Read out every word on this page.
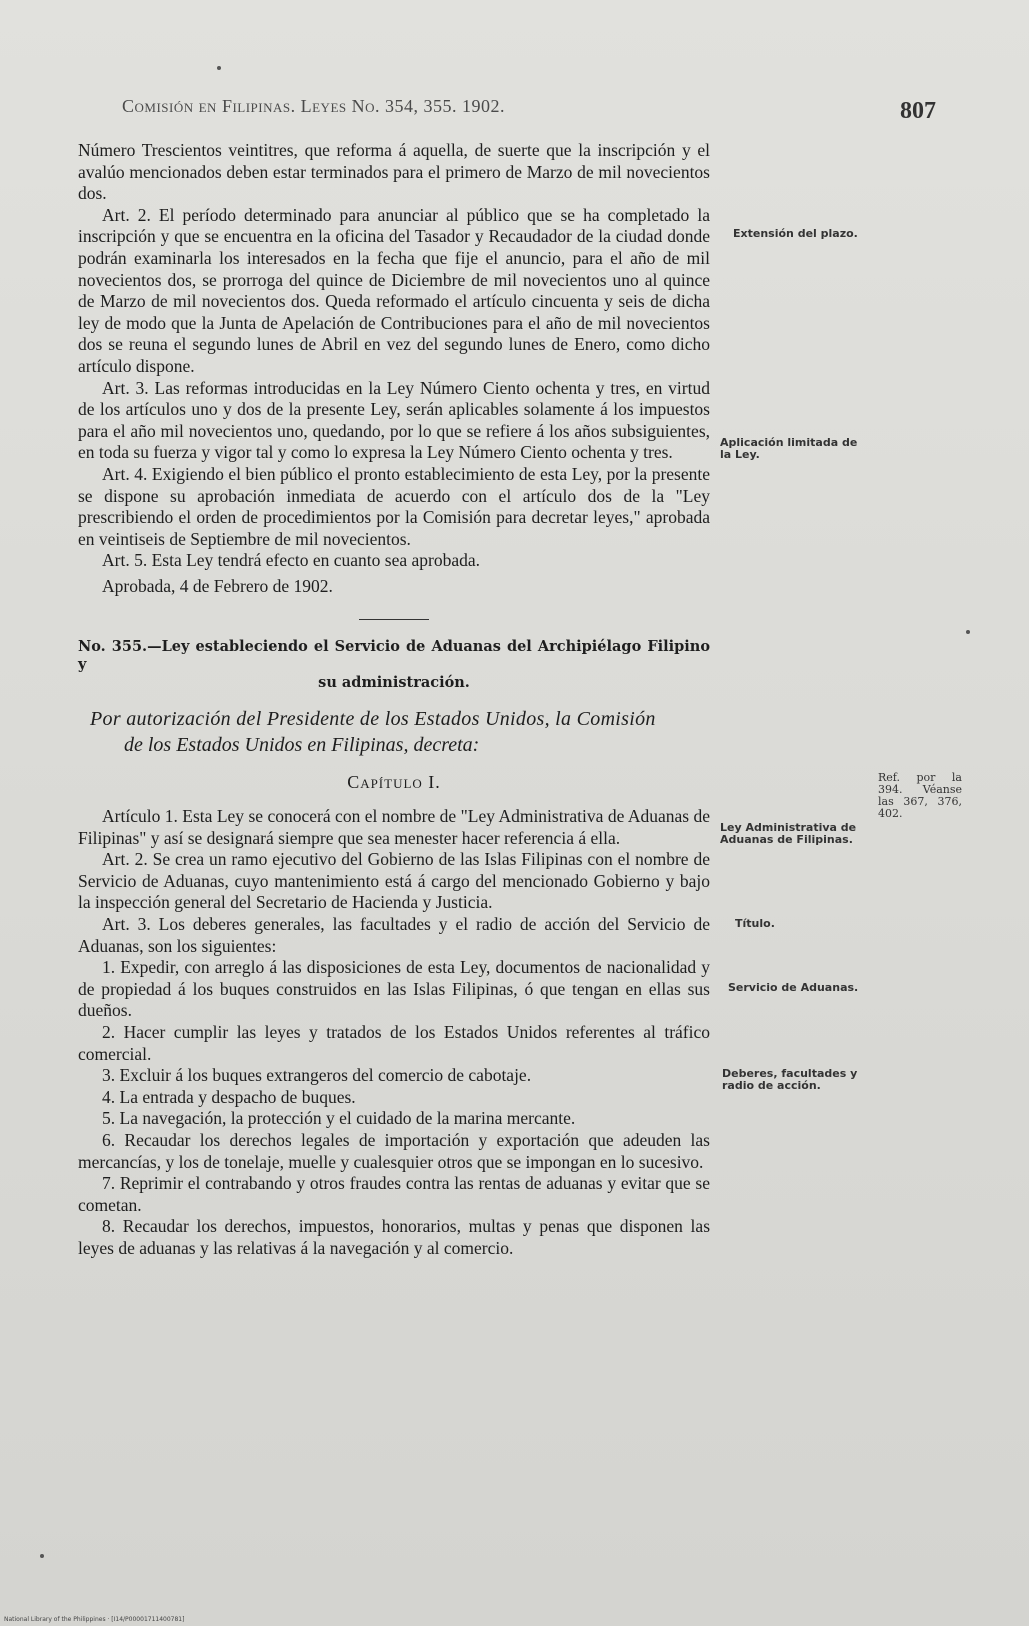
Comisión en Filipinas. Leyes No. 354, 355. 1902.	807

Número Trescientos veintitres, que reforma á aquella, de suerte que la inscripción y el avalúo mencionados deben estar terminados para el primero de Marzo de mil novecientos dos.

Art. 2. El período determinado para anunciar al público que se ha completado la inscripción y que se encuentra en la oficina del Tasador y Recaudador de la ciudad donde podrán examinarla los interesados en la fecha que fije el anuncio, para el año de mil novecientos dos, se prorroga del quince de Diciembre de mil novecientos uno al quince de Marzo de mil novecientos dos. Queda reformado el artículo cincuenta y seis de dicha ley de modo que la Junta de Apelación de Contribuciones para el año de mil novecientos dos se reuna el segundo lunes de Abril en vez del segundo lunes de Enero, como dicho artículo dispone.

Art. 3. Las reformas introducidas en la Ley Número Ciento ochenta y tres, en virtud de los artículos uno y dos de la presente Ley, serán aplicables solamente á los impuestos para el año mil novecientos uno, quedando, por lo que se refiere á los años subsiguientes, en toda su fuerza y vigor tal y como lo expresa la Ley Número Ciento ochenta y tres.

Art. 4. Exigiendo el bien público el pronto establecimiento de esta Ley, por la presente se dispone su aprobación inmediata de acuerdo con el artículo dos de la "Ley prescribiendo el orden de procedimientos por la Comisión para decretar leyes," aprobada en veintiseis de Septiembre de mil novecientos.

Art. 5. Esta Ley tendrá efecto en cuanto sea aprobada.

Aprobada, 4 de Febrero de 1902.

No. 355.—Ley estableciendo el Servicio de Aduanas del Archipiélago Filipino y
su administración.

Por autorización del Presidente de los Estados Unidos, la Comisión

de los Estados Unidos en Filipinas, decreta:

Capítulo I.

Artículo 1. Esta Ley se conocerá con el nombre de "Ley Administrativa de Aduanas de Filipinas" y así se designará siempre que sea menester hacer referencia á ella.

Art. 2. Se crea un ramo ejecutivo del Gobierno de las Islas Filipinas con el nombre de Servicio de Aduanas, cuyo mantenimiento está á cargo del mencionado Gobierno y bajo la inspección general del Secretario de Hacienda y Justicia.

Art. 3. Los deberes generales, las facultades y el radio de acción del Servicio de Aduanas, son los siguientes:

1. Expedir, con arreglo á las disposiciones de esta Ley, documentos de nacionalidad y de propiedad á los buques construidos en las Islas Filipinas, ó que tengan en ellas sus dueños.

2. Hacer cumplir las leyes y tratados de los Estados Unidos referentes al tráfico comercial.

3. Excluir á los buques extrangeros del comercio de cabotaje.

4. La entrada y despacho de buques.

5. La navegación, la protección y el cuidado de la marina mercante.

6. Recaudar los derechos legales de importación y exportación que adeuden las mercancías, y los de tonelaje, muelle y cualesquier otros que se impongan en lo sucesivo.

7. Reprimir el contrabando y otros fraudes contra las rentas de aduanas y evitar que se cometan.

8. Recaudar los derechos, impuestos, honorarios, multas y penas que disponen las leyes de aduanas y las relativas á la navegación y al comercio.

Extensión del plazo.
Aplicación limitada de la Ley.
Ley Administrativa de Aduanas de Filipinas.
Título.
Servicio de Aduanas.
Deberes, facultades y radio de acción.
Ref. por la 394. Véanse las 367, 376, 402.
National Library of the Philippines · [I14/P00001711400781]
